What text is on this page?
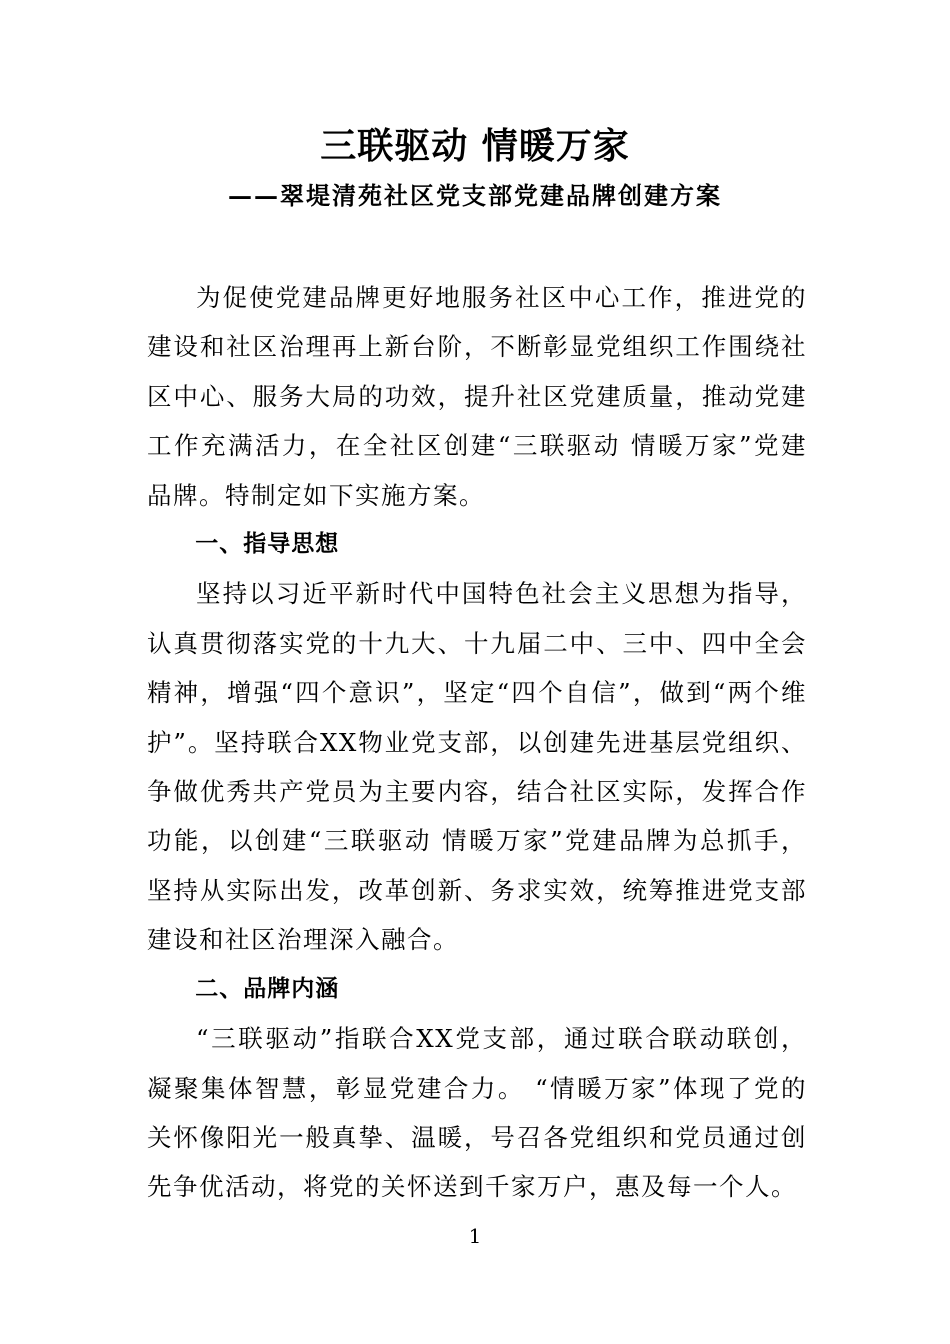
三联驱动 情暖万家
——翠堤清苑社区党支部党建品牌创建方案

为促使党建品牌更好地服务社区中心工作，推进党的建设和社区治理再上新台阶，不断彰显党组织工作围绕社区中心、服务大局的功效，提升社区党建质量，推动党建工作充满活力，在全社区创建“三联驱动 情暖万家”党建品牌。特制定如下实施方案。

一、指导思想

坚持以习近平新时代中国特色社会主义思想为指导，认真贯彻落实党的十九大、十九届二中、三中、四中全会精神，增强“四个意识”，坚定“四个自信”，做到“两个维护”。坚持联合XX物业党支部，以创建先进基层党组织、争做优秀共产党员为主要内容，结合社区实际，发挥合作功能，以创建“三联驱动 情暖万家”党建品牌为总抓手，坚持从实际出发，改革创新、务求实效，统筹推进党支部建设和社区治理深入融合。

二、品牌内涵

“三联驱动”指联合XX党支部，通过联合联动联创，凝聚集体智慧，彰显党建合力。 “情暖万家”体现了党的关怀像阳光一般真挚、温暖，号召各党组织和党员通过创先争优活动，将党的关怀送到千家万户，惠及每一个人。

1
